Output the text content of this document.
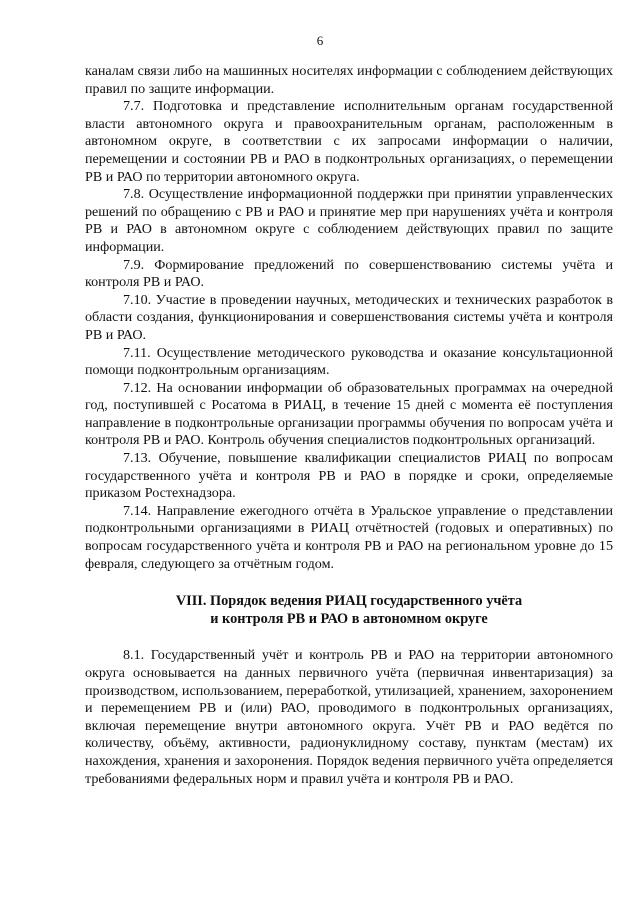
6

каналам связи либо на машинных носителях информации с соблюдением действующих правил по защите информации.

7.7. Подготовка и представление исполнительным органам государственной власти автономного округа и правоохранительным органам, расположенным в автономном округе, в соответствии с их запросами информации о наличии, перемещении и состоянии РВ и РАО в подконтрольных организациях, о перемещении РВ и РАО по территории автономного округа.

7.8. Осуществление информационной поддержки при принятии управленческих решений по обращению с РВ и РАО и принятие мер при нарушениях учёта и контроля РВ и РАО в автономном округе с соблюдением действующих правил по защите информации.

7.9. Формирование предложений по совершенствованию системы учёта и контроля РВ и РАО.

7.10. Участие в проведении научных, методических и технических разработок в области создания, функционирования и совершенствования системы учёта и контроля РВ и РАО.

7.11. Осуществление методического руководства и оказание консультационной помощи подконтрольным организациям.

7.12. На основании информации об образовательных программах на очередной год, поступившей с Росатома в РИАЦ, в течение 15 дней с момента её поступления направление в подконтрольные организации программы обучения по вопросам учёта и контроля РВ и РАО. Контроль обучения специалистов подконтрольных организаций.

7.13. Обучение, повышение квалификации специалистов РИАЦ по вопросам государственного учёта и контроля РВ и РАО в порядке и сроки, определяемые приказом Ростехнадзора.

7.14. Направление ежегодного отчёта в Уральское управление о представлении подконтрольными организациями в РИАЦ отчётностей (годовых и оперативных) по вопросам государственного учёта и контроля РВ и РАО на региональном уровне до 15 февраля, следующего за отчётным годом.

VIII. Порядок ведения РИАЦ государственного учёта
и контроля РВ и РАО в автономном округе

8.1. Государственный учёт и контроль РВ и РАО на территории автономного округа основывается на данных первичного учёта (первичная инвентаризация) за производством, использованием, переработкой, утилизацией, хранением, захоронением и перемещением РВ и (или) РАО, проводимого в подконтрольных организациях, включая перемещение внутри автономного округа. Учёт РВ и РАО ведётся по количеству, объёму, активности, радионуклидному составу, пунктам (местам) их нахождения, хранения и захоронения. Порядок ведения первичного учёта определяется требованиями федеральных норм и правил учёта и контроля РВ и РАО.
